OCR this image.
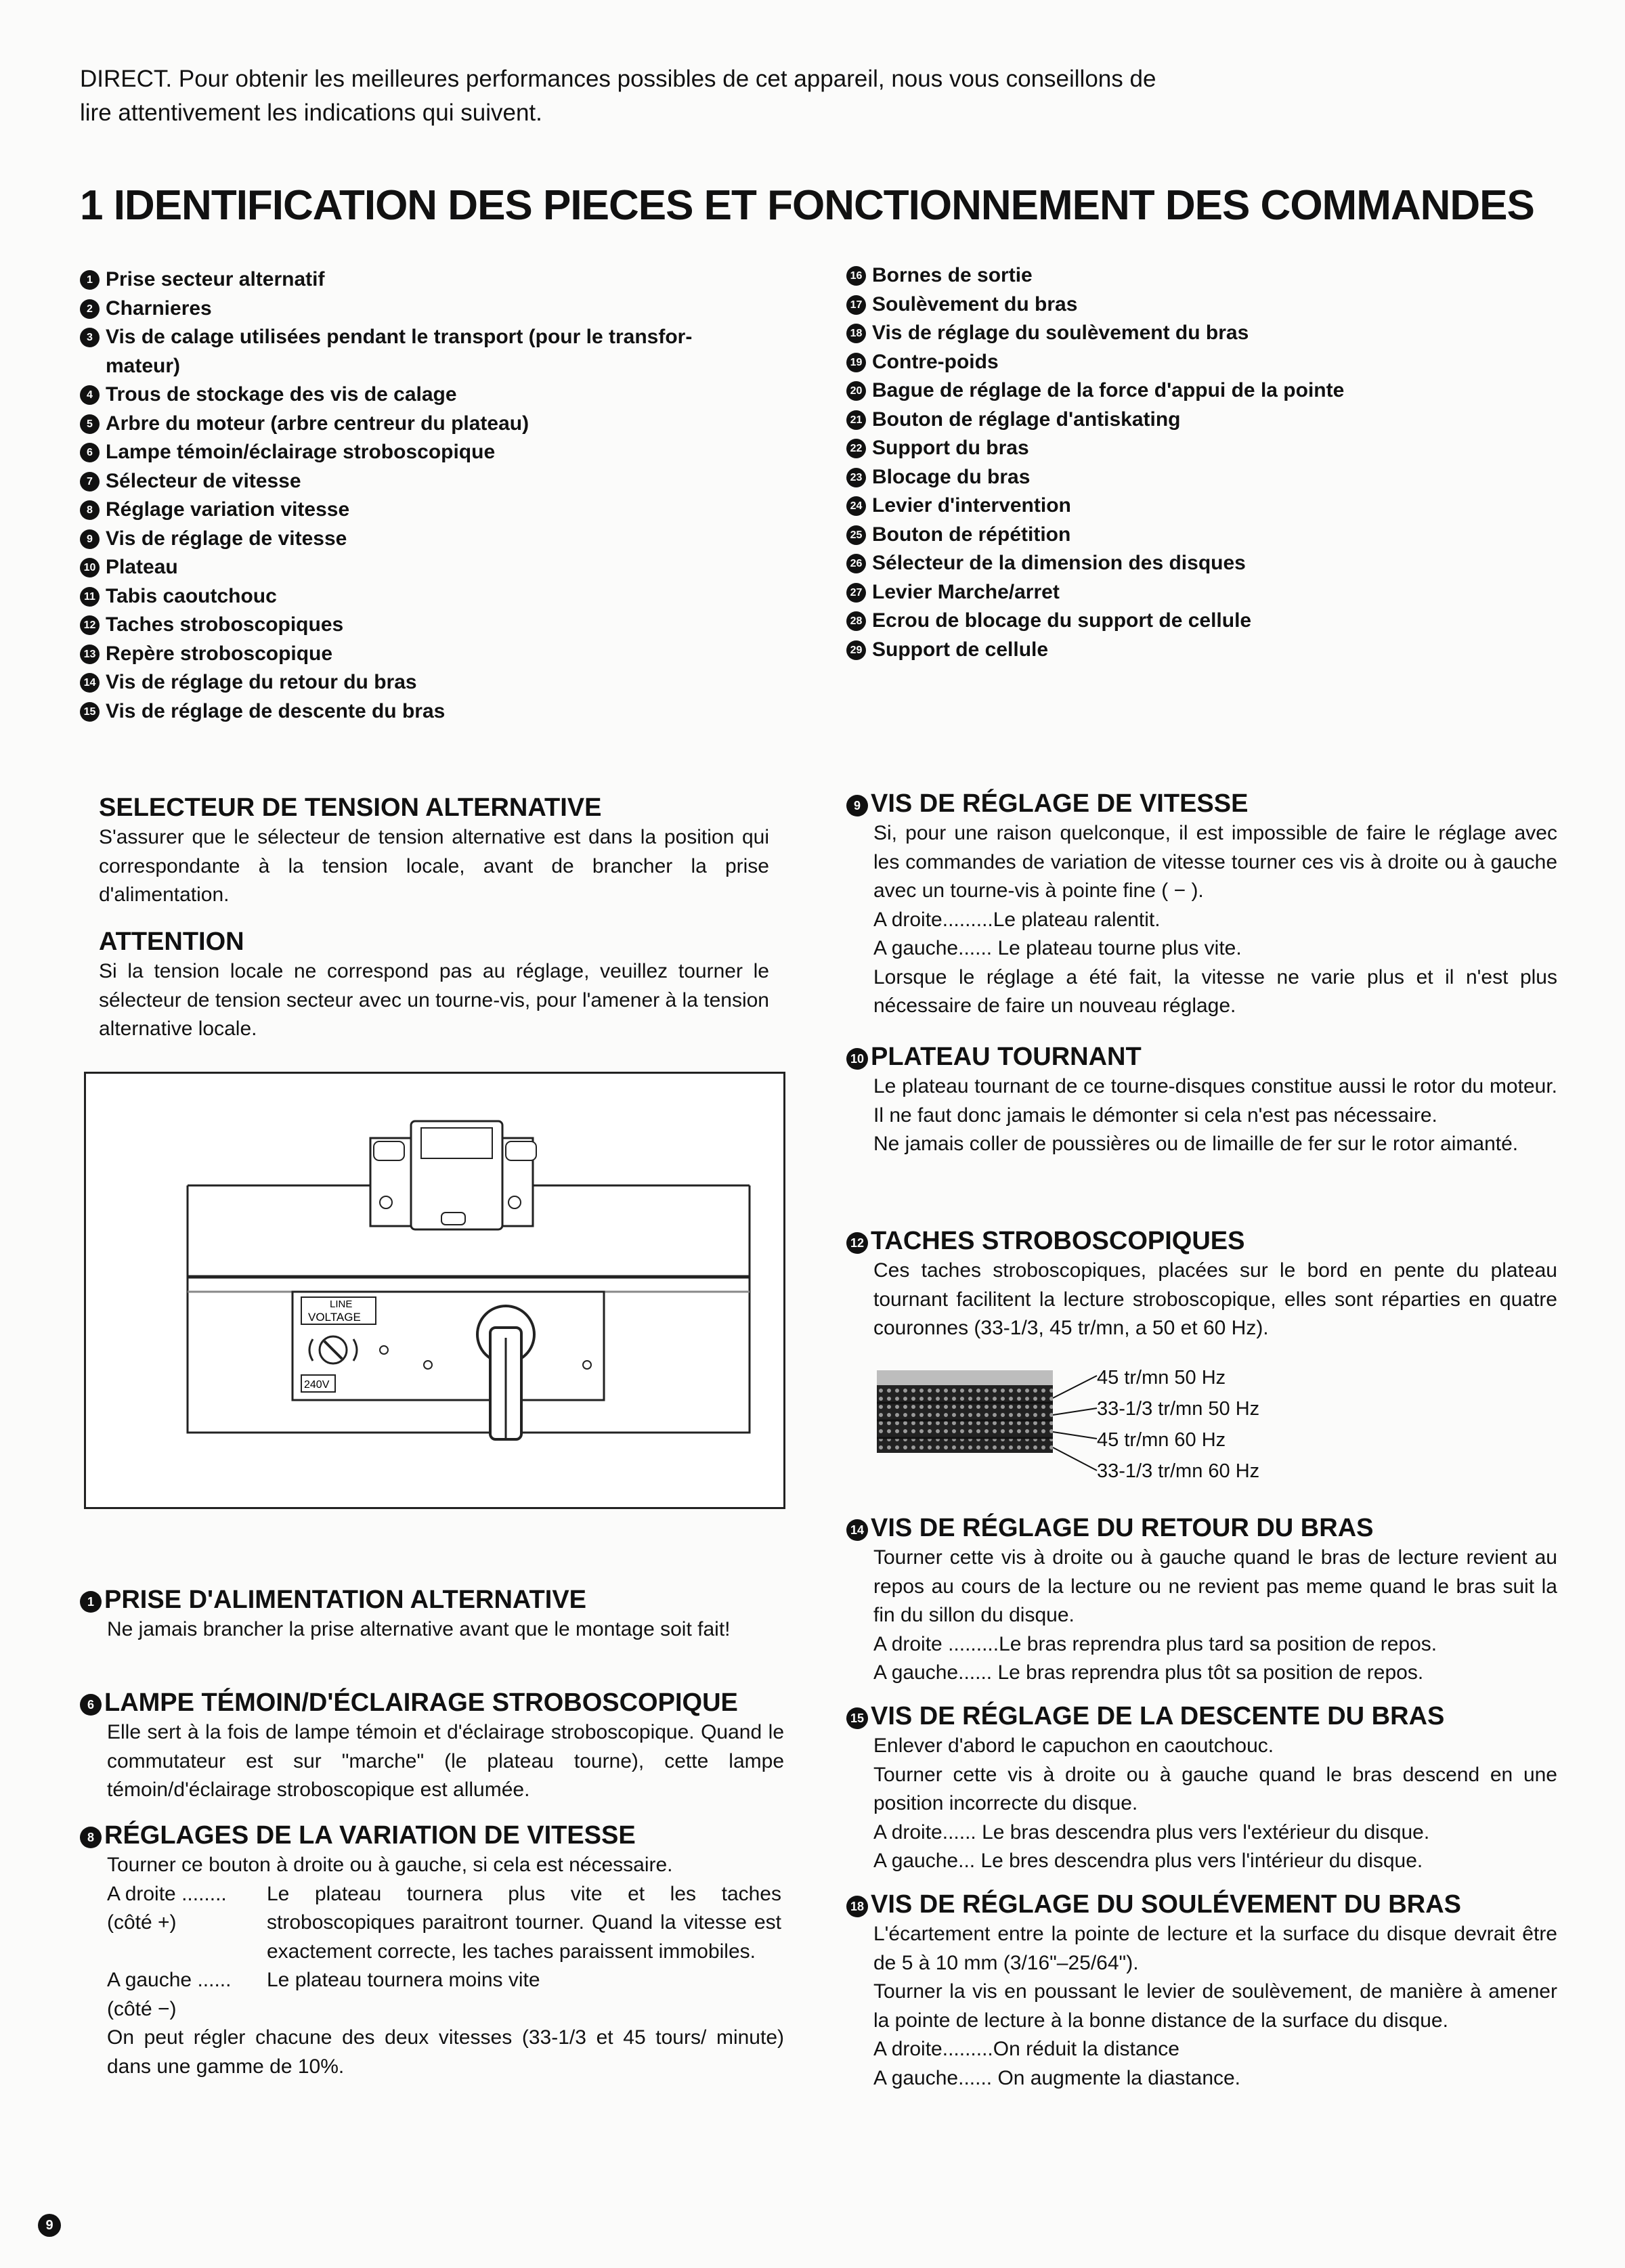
DIRECT. Pour obtenir les meilleures performances possibles de cet appareil, nous vous conseillons de
lire attentivement les indications qui suivent.
1 IDENTIFICATION DES PIECES ET FONCTIONNEMENT DES COMMANDES
1 Prise secteur alternatif
2 Charnieres
3 Vis de calage utilisées pendant le transport (pour le transfor-
mateur)
4 Trous de stockage des vis de calage
5 Arbre du moteur (arbre centreur du plateau)
6 Lampe témoin/éclairage stroboscopique
7 Sélecteur de vitesse
8 Réglage variation vitesse
9 Vis de réglage de vitesse
10 Plateau
11 Tabis caoutchouc
12 Taches stroboscopiques
13 Repère stroboscopique
14 Vis de réglage du retour du bras
15 Vis de réglage de descente du bras
16 Bornes de sortie
17 Soulèvement du bras
18 Vis de réglage du soulèvement du bras
19 Contre-poids
20 Bague de réglage de la force d'appui de la pointe
21 Bouton de réglage d'antiskating
22 Support du bras
23 Blocage du bras
24 Levier d'intervention
25 Bouton de répétition
26 Sélecteur de la dimension des disques
27 Levier Marche/arret
28 Ecrou de blocage du support de cellule
29 Support de cellule
SELECTEUR DE TENSION ALTERNATIVE
S'assurer que le sélecteur de tension alternative est dans la position qui correspondante à la tension locale, avant de brancher la prise d'alimentation.
ATTENTION
Si la tension locale ne correspond pas au réglage, veuillez tourner le sélecteur de tension secteur avec un tourne-vis, pour l'amener à la tension alternative locale.
LINE
VOLTAGE
240V
1 PRISE D'ALIMENTATION ALTERNATIVE
Ne jamais brancher la prise alternative avant que le montage soit fait!
6 LAMPE TÉMOIN/D'ÉCLAIRAGE STROBOSCOPIQUE
Elle sert à la fois de lampe témoin et d'éclairage stroboscopique. Quand le commutateur est sur "marche" (le plateau tourne), cette lampe témoin/d'éclairage stroboscopique est allumée.
8 RÉGLAGES DE LA VARIATION DE VITESSE
Tourner ce bouton à droite ou à gauche, si cela est nécessaire.
A droite ........
(côté +)
Le plateau tournera plus vite et les taches stroboscopiques paraitront tourner. Quand la vitesse est exactement correcte, les taches paraissent immobiles.
A gauche ......
(côté −)
Le plateau tournera moins vite
On peut régler chacune des deux vitesses (33-1/3 et 45 tours/ minute) dans une gamme de 10%.
9 VIS DE RÉGLAGE DE VITESSE
Si, pour une raison quelconque, il est impossible de faire le réglage avec les commandes de variation de vitesse tourner ces vis à droite ou à gauche avec un tourne-vis à pointe fine ( − ).
A droite.........Le plateau ralentit.
A gauche...... Le plateau tourne plus vite.
Lorsque le réglage a été fait, la vitesse ne varie plus et il n'est plus nécessaire de faire un nouveau réglage.
10 PLATEAU TOURNANT
Le plateau tournant de ce tourne-disques constitue aussi le rotor du moteur. Il ne faut donc jamais le démonter si cela n'est pas nécessaire.
Ne jamais coller de poussières ou de limaille de fer sur le rotor aimanté.
12 TACHES STROBOSCOPIQUES
Ces taches stroboscopiques, placées sur le bord en pente du plateau tournant facilitent la lecture stroboscopique, elles sont réparties en quatre couronnes (33-1/3, 45 tr/mn, a 50 et 60 Hz).
45 tr/mn 50 Hz
33-1/3 tr/mn 50 Hz
45 tr/mn 60 Hz
33-1/3 tr/mn 60 Hz
14 VIS DE RÉGLAGE DU RETOUR DU BRAS
Tourner cette vis à droite ou à gauche quand le bras de lecture revient au repos au cours de la lecture ou ne revient pas meme quand le bras suit la fin du sillon du disque.
A droite .........Le bras reprendra plus tard sa position de repos.
A gauche...... Le bras reprendra plus tôt sa position de repos.
15 VIS DE RÉGLAGE DE LA DESCENTE DU BRAS
Enlever d'abord le capuchon en caoutchouc.
Tourner cette vis à droite ou à gauche quand le bras descend en une position incorrecte du disque.
A droite...... Le bras descendra plus vers l'extérieur du disque.
A gauche... Le bres descendra plus vers l'intérieur du disque.
18 VIS DE RÉGLAGE DU SOULÉVEMENT DU BRAS
L'écartement entre la pointe de lecture et la surface du disque devrait être de 5 à 10 mm (3/16"–25/64").
Tourner la vis en poussant le levier de soulèvement, de manière à amener la pointe de lecture à la bonne distance de la surface du disque.
A droite.........On réduit la distance
A gauche...... On augmente la diastance.
9
